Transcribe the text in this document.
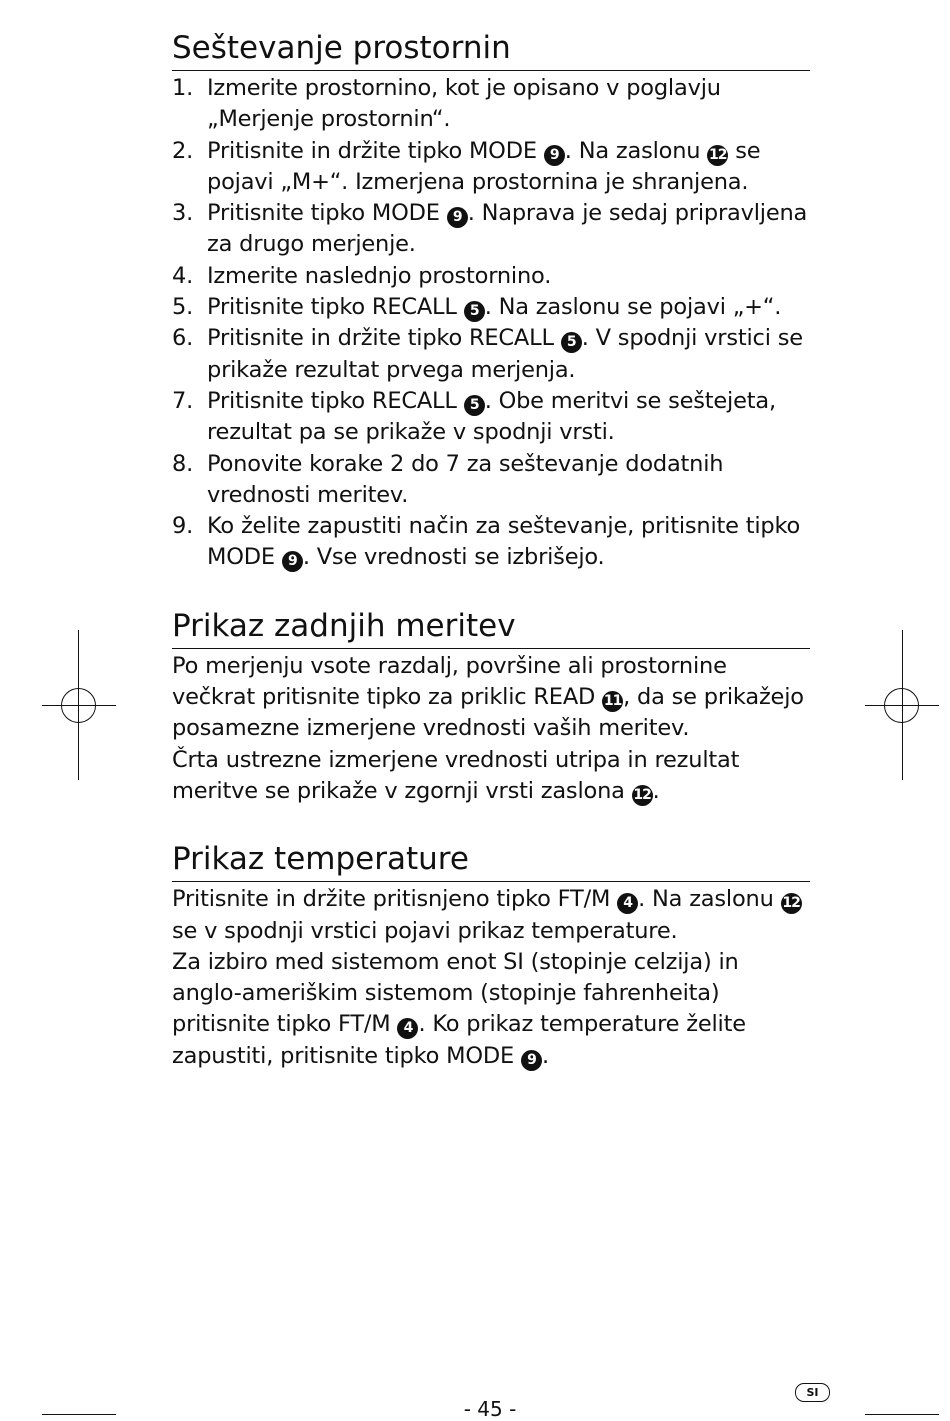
Seštevanje prostornin
1. Izmerite prostornino, kot je opisano v poglavju „Merjenje prostornin“.
2. Pritisnite in držite tipko MODE 9 . Na zaslonu 12 se pojavi „M+“. Izmerjena prostornina je shranjena.
3. Pritisnite tipko MODE 9 . Naprava je sedaj pripravljena za drugo merjenje.
4. Izmerite naslednjo prostornino.
5. Pritisnite tipko RECALL 5 . Na zaslonu se pojavi „+“.
6. Pritisnite in držite tipko RECALL 5 . V spodnji vrstici se prikaže rezultat prvega merjenja.
7. Pritisnite tipko RECALL 5 . Obe meritvi se seštejeta, rezultat pa se prikaže v spodnji vrsti.
8. Ponovite korake 2 do 7 za seštevanje dodatnih vrednosti meritev.
9. Ko želite zapustiti način za seštevanje, pritisnite tipko MODE 9 . Vse vrednosti se izbrišejo.
Prikaz zadnjih meritev

Po merjenju vsote razdalj, površine ali prostornine večkrat pritisnite tipko za priklic READ 11, da se prikažejo posamezne izmerjene vrednosti vaših meritev.

Črta ustrezne izmerjene vrednosti utripa in rezultat meritve se prikaže v zgornji vrsti zaslona 12.

Prikaz temperature

Pritisnite in držite pritisnjeno tipko FT/M 4 . Na zaslonu 12 se v spodnji vrstici pojavi prikaz temperature.

Za izbiro med sistemom enot SI (stopinje celzija) in anglo-ameriškim sistemom (stopinje fahrenheita) pritisnite tipko FT/M 4 . Ko prikaz temperature želite zapustiti, pritisnite tipko MODE 9 .

- 45 -
SI
